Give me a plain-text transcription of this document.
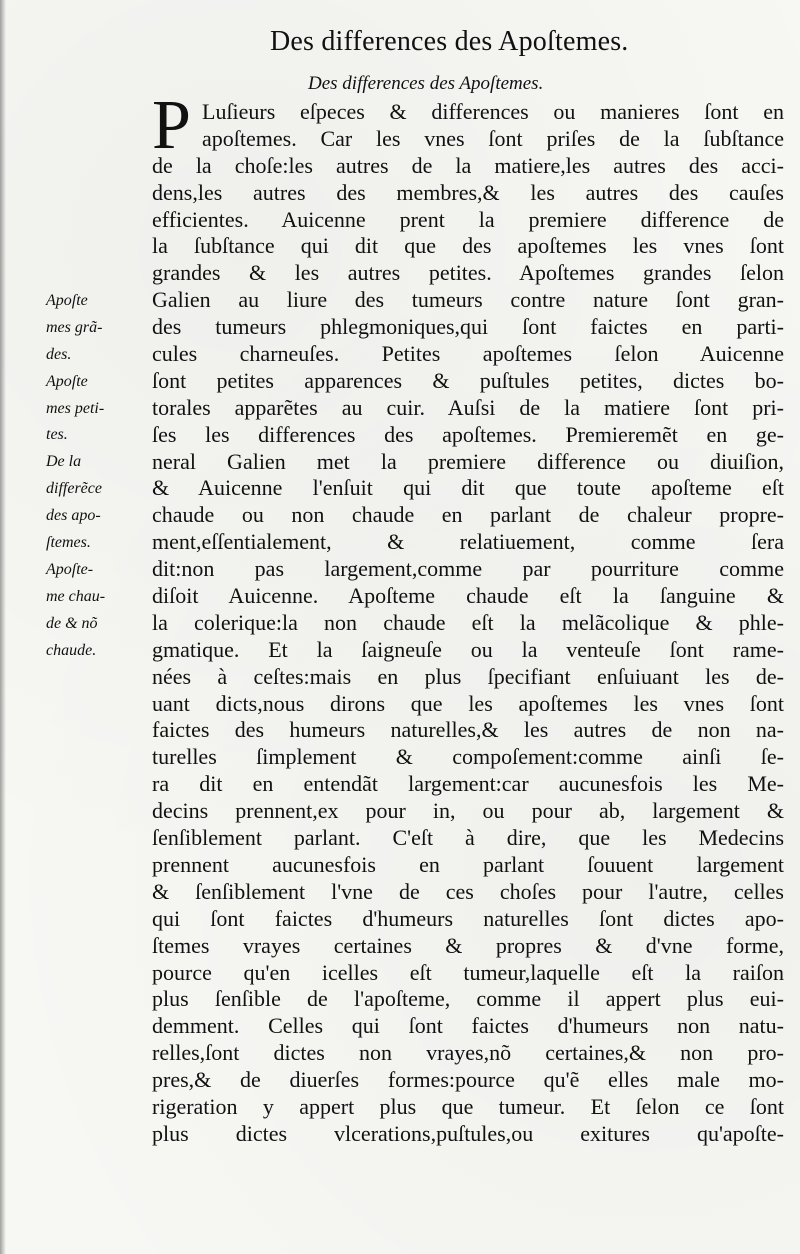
Des differences des Apoſtemes.
Des differences des Apoſtemes.
P Luſieurs eſpeces & differences ou manieres ſont en
apoſtemes. Car les vnes ſont priſes de la ſubſtance
de la choſe:les autres de la matiere,les autres des acci-
dens,les autres des membres,& les autres des cauſes
efficientes. Auicenne prent la premiere difference de
la ſubſtance qui dit que des apoſtemes les vnes ſont
grandes & les autres petites. Apoſtemes grandes ſelon
Galien au liure des tumeurs contre nature ſont gran-
des tumeurs phlegmoniques,qui ſont faictes en parti-
cules charneuſes. Petites apoſtemes ſelon Auicenne
ſont petites apparences & puſtules petites, dictes bo-
torales apparẽtes au cuir. Auſsi de la matiere ſont pri-
ſes les differences des apoſtemes. Premieremẽt en ge-
neral Galien met la premiere difference ou diuiſion,
& Auicenne l'enſuit qui dit que toute apoſteme eſt
chaude ou non chaude en parlant de chaleur propre-
ment,eſſentialement, & relatiuement, comme ſera
dit:non pas largement,comme par pourriture comme
diſoit Auicenne. Apoſteme chaude eſt la ſanguine &
la colerique:la non chaude eſt la melãcolique & phle-
gmatique. Et la ſaigneuſe ou la venteuſe ſont rame-
nées à ceſtes:mais en plus ſpecifiant enſuiuant les de-
uant dicts,nous dirons que les apoſtemes les vnes ſont
faictes des humeurs naturelles,& les autres de non na-
turelles ſimplement & compoſement:comme ainſi ſe-
ra dit en entendãt largement:car aucunesfois les Me-
decins prennent,ex pour in, ou pour ab, largement &
ſenſiblement parlant. C'eſt à dire, que les Medecins
prennent aucunesfois en parlant ſouuent largement
& ſenſiblement l'vne de ces choſes pour l'autre, celles
qui ſont faictes d'humeurs naturelles ſont dictes apo-
ſtemes vrayes certaines & propres & d'vne forme,
pource qu'en icelles eſt tumeur,laquelle eſt la raiſon
plus ſenſible de l'apoſteme, comme il appert plus eui-
demment. Celles qui ſont faictes d'humeurs non natu-
relles,ſont dictes non vrayes,nõ certaines,& non pro-
pres,& de diuerſes formes:pource qu'ẽ elles male mo-
rigeration y appert plus que tumeur. Et ſelon ce ſont
plus dictes vlcerations,puſtules,ou exitures qu'apoſte-
Apoſte
mes grã-
des.
Apoſte
mes peti-
tes.
De la
differẽce
des apo-
ſtemes.
Apoſte-
me chau-
de & nõ
chaude.
